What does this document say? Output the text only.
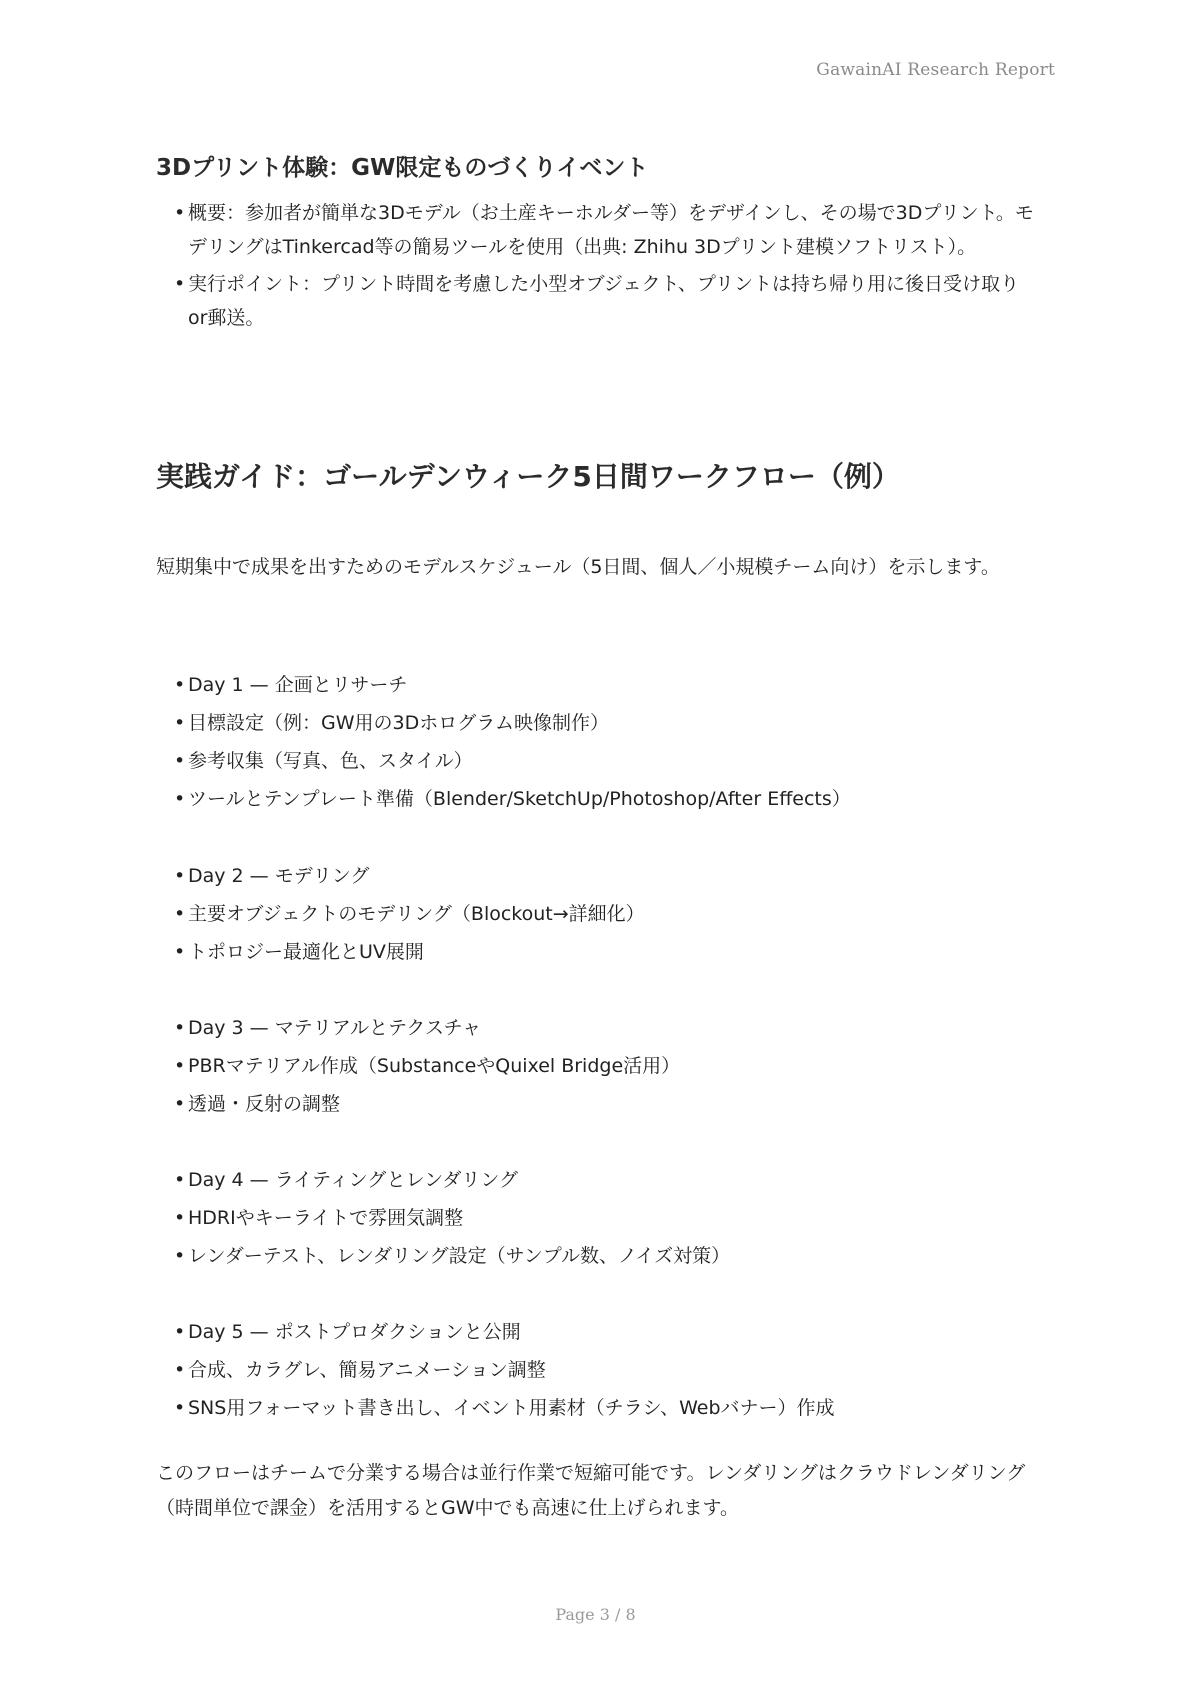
GawainAI Research Report
3Dプリント体験：GW限定ものづくりイベント
• 概要：参加者が簡単な3Dモデル（お土産キーホルダー等）をデザインし、その場で3Dプリント。モデリングはTinkercad等の簡易ツールを使用（出典: Zhihu 3Dプリント建模ソフトリスト）。
• 実行ポイント：プリント時間を考慮した小型オブジェクト、プリントは持ち帰り用に後日受け取りor郵送。
実践ガイド：ゴールデンウィーク5日間ワークフロー（例）

短期集中で成果を出すためのモデルスケジュール（5日間、個人／小規模チーム向け）を示します。

• Day 1 — 企画とリサーチ
• 目標設定（例：GW用の3Dホログラム映像制作）
• 参考収集（写真、色、スタイル）
• ツールとテンプレート準備（Blender/SketchUp/Photoshop/After Effects）
• Day 2 — モデリング
• 主要オブジェクトのモデリング（Blockout→詳細化）
• トポロジー最適化とUV展開
• Day 3 — マテリアルとテクスチャ
• PBRマテリアル作成（SubstanceやQuixel Bridge活用）
• 透過・反射の調整
• Day 4 — ライティングとレンダリング
• HDRIやキーライトで雰囲気調整
• レンダーテスト、レンダリング設定（サンプル数、ノイズ対策）
• Day 5 — ポストプロダクションと公開
• 合成、カラグレ、簡易アニメーション調整
• SNS用フォーマット書き出し、イベント用素材（チラシ、Webバナー）作成

このフローはチームで分業する場合は並行作業で短縮可能です。レンダリングはクラウドレンダリング（時間単位で課金）を活用するとGW中でも高速に仕上げられます。

Page 3 / 8
